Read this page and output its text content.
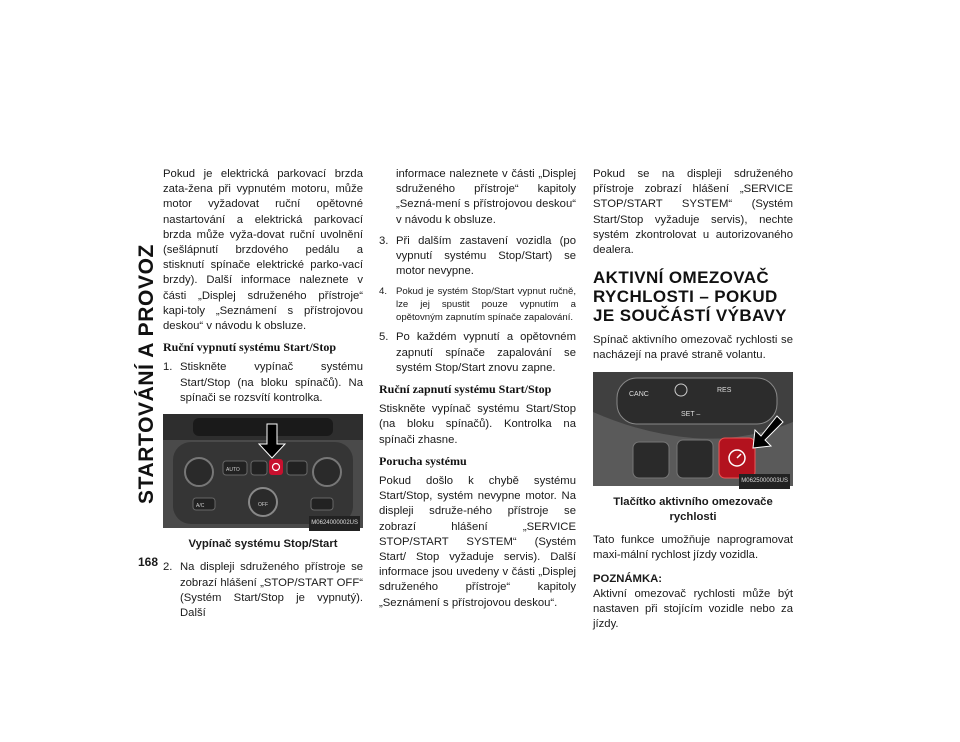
STARTOVÁNÍ A PROVOZ
168

Pokud je elektrická parkovací brzda zata-žena při vypnutém motoru, může motor vyžadovat ruční opětovné nastartování a elektrická parkovací brzda může vyža-dovat ruční uvolnění (sešlápnutí brzdového pedálu a stisknutí spínače elektrické parko-vací brzdy). Další informace naleznete v části „Displej sdruženého přístroje“ kapi-toly „Seznámení s přístrojovou deskou“ v návodu k obsluze.

Ruční vypnutí systému Start/Stop
1. Stiskněte vypínač systému Start/Stop (na bloku spínačů). Na spínači se rozsvítí kontrolka.
AUTO
A/C	OFF
M0624000002US
Vypínač systému Stop/Start
2. Na displeji sdruženého přístroje se zobrazí hlášení „STOP/START OFF“ (Systém Start/Stop je vypnutý). Další

informace naleznete v části „Displej sdruženého přístroje“ kapitoly „Sezná-mení s přístrojovou deskou“ v návodu k obsluze.

3. Při dalším zastavení vozidla (po vypnutí systému Stop/Start) se motor nevypne.
4. Pokud je systém Stop/Start vypnut ručně, lze jej spustit pouze vypnutím a opětovným zapnutím spínače zapalování.
5. Po každém vypnutí a opětovném zapnutí spínače zapalování se systém Stop/Start znovu zapne.
Ruční zapnutí systému Start/Stop

Stiskněte vypínač systému Start/Stop (na bloku spínačů). Kontrolka na spínači zhasne.

Porucha systému

Pokud došlo k chybě systému Start/Stop, systém nevypne motor. Na displeji sdruže-ného přístroje se zobrazí hlášení „SERVICE STOP/START SYSTEM“ (Systém Start/ Stop vyžaduje servis). Další informace jsou uvedeny v části „Displej sdruženého přístroje“ kapitoly „Seznámení s přístrojovou deskou“.

Pokud se na displeji sdruženého přístroje zobrazí hlášení „SERVICE STOP/START SYSTEM“ (Systém Start/Stop vyžaduje servis), nechte systém zkontrolovat u autorizovaného dealera.

AKTIVNÍ OMEZOVAČ RYCHLOSTI – POKUD JE SOUČÁSTÍ VÝBAVY

Spínač aktivního omezovač rychlosti se nacházejí na pravé straně volantu.

CANC
RES
SET –
M0625000003US
Tlačítko aktivního omezovače rychlosti

Tato funkce umožňuje naprogramovat maxi-mální rychlost jízdy vozidla.

POZNÁMKA:

Aktivní omezovač rychlosti může být nastaven při stojícím vozidle nebo za jízdy.
